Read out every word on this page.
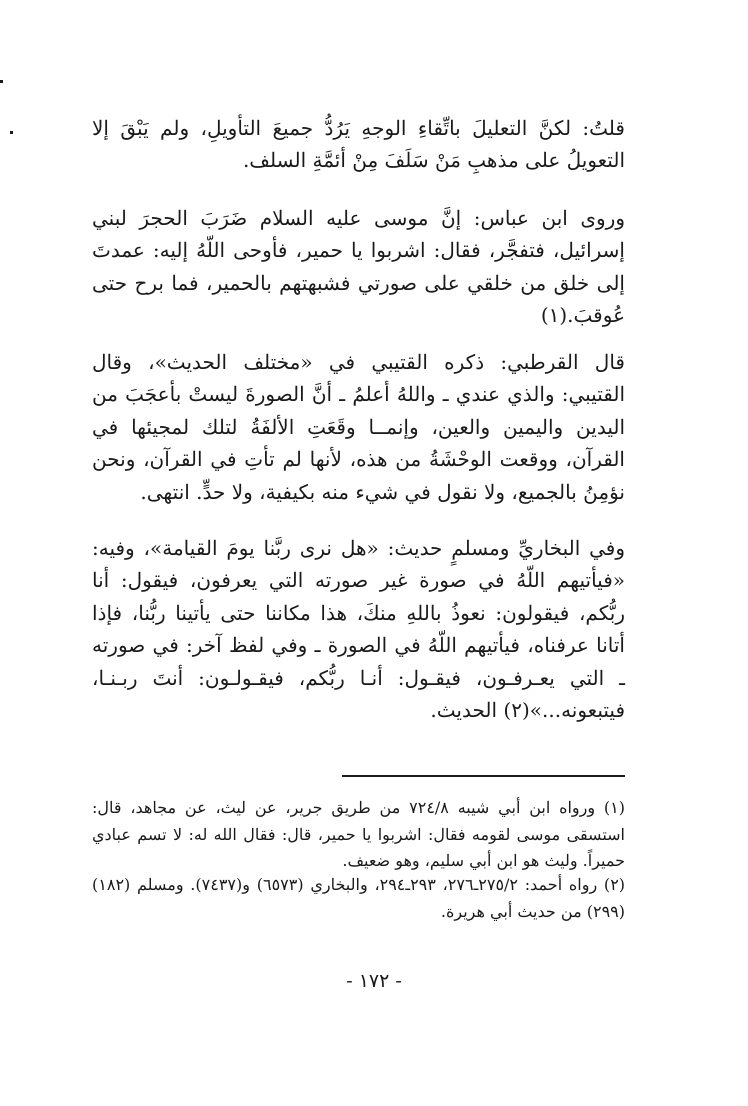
قلتُ: لكنَّ التعليلَ باتِّقاءِ الوجهِ يَرُدُّ جميعَ التأويلِ، ولم يَبْقَ إلا التعويلُ على مذهبِ مَنْ سَلَفَ مِنْ أئمَّةِ السلف.

وروى ابن عباس: إنَّ موسى عليه السلام ضَرَبَ الحجرَ لبني إسرائيل، فتفجَّر، فقال: اشربوا يا حمير، فأوحى اللّهُ إليه: عمدتَ إلى خلق من خلقي على صورتي فشبهتهم بالحمير، فما برح حتى عُوقبَ.(١)

قال القرطبي: ذكره القتيبي في «مختلف الحديث»، وقال القتيبي: والذي عندي ـ واللهُ أعلمُ ـ أنَّ الصورةَ ليستْ بأعجَبَ من اليدين واليمين والعين، وإنمــا وقَعَتِ الألفَةُ لتلك لمجيئها في القرآن، ووقعت الوحْشَةُ من هذه، لأنها لم تأتِ في القرآن، ونحن نؤمِنُ بالجميع، ولا نقول في شيء منه بكيفية، ولا حدٍّ. انتهى.

وفي البخاريِّ ومسلمٍ حديث: «هل نرى ربَّنا يومَ القيامة»، وفيه: «فيأتيهم اللّهُ في صورة غير صورته التي يعرفون، فيقول: أنا ربُّكم، فيقولون: نعوذُ باللهِ منكَ، هذا مكاننا حتى يأتينا ربُّنا، فإذا أتانا عرفناه، فيأتيهم اللّهُ في الصورة ـ وفي لفظ آخر: في صورته ـ التي يعـرفـون، فيقـول: أنـا ربُّكم، فيقـولـون: أنتَ ربـنـا، فيتبعونه...»(٢) الحديث.

(١) ورواه ابن أبي شيبه ٧٢٤/٨ من طريق جرير، عن ليث، عن مجاهد، قال: استسقى موسى لقومه فقال: اشربوا يا حمير، قال: فقال الله له: لا تسم عبادي حميراً. وليث هو ابن أبي سليم، وهو ضعيف.

(٢) رواه أحمد: ٢٧٥/٢ـ٢٧٦، ٢٩٣ـ٢٩٤، والبخاري (٦٥٧٣) و(٧٤٣٧). ومسلم (١٨٢) (٢٩٩) من حديث أبي هريرة.

- ١٧٢ -
